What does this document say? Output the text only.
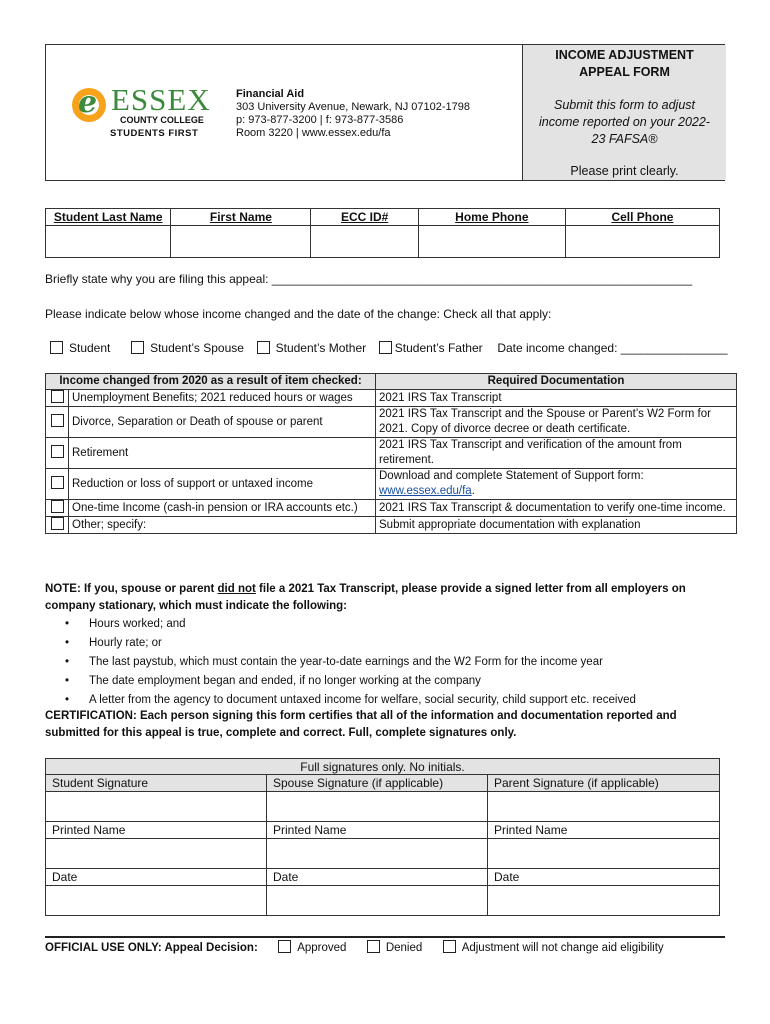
INCOME ADJUSTMENT
APPEAL FORM
Submit this form to adjust
income reported on your 2022-
23 FAFSA®
Please print clearly.
e ESSEX
COUNTY COLLEGE
STUDENTS FIRST
Financial Aid
303 University Avenue, Newark, NJ 07102-1798
p: 973-877-3200 | f: 973-877-3586
Room 3220 | www.essex.edu/fa
Student Last Name	First Name	ECC ID#	Home Phone	Cell Phone

Briefly state why you are filing this appeal: _______________________________________________________________
Please indicate below whose income changed and the date of the change: Check all that apply:
Student	Student’s Spouse	Student’s Mother Student’s Father Date income changed: ________________
Income changed from 2020 as a result of item checked:		Required Documentation
	Unemployment Benefits; 2021 reduced hours or wages	2021 IRS Tax Transcript
	Divorce, Separation or Death of spouse or parent	2021 IRS Tax Transcript and the Spouse or Parent’s W2 Form for 2021. Copy of divorce decree or death certificate.
	Retirement	2021 IRS Tax Transcript and verification of the amount from retirement.
	Reduction or loss of support or untaxed income	Download and complete Statement of Support form:
www.essex.edu/fa.
	One-time Income (cash-in pension or IRA accounts etc.)	2021 IRS Tax Transcript & documentation to verify one-time income.
	Other; specify:	Submit appropriate documentation with explanation
NOTE: If you, spouse or parent did not file a 2021 Tax Transcript, please provide a signed letter from all employers on company stationary, which must indicate the following:
• Hours worked; and
• Hourly rate; or
• The last paystub, which must contain the year-to-date earnings and the W2 Form for the income year
• The date employment began and ended, if no longer working at the company
• A letter from the agency to document untaxed income for welfare, social security, child support etc. received
CERTIFICATION: Each person signing this form certifies that all of the information and documentation reported and submitted for this appeal is true, complete and correct. Full, complete signatures only.
Full signatures only. No initials.		
Student Signature	Spouse Signature (if applicable)	Parent Signature (if applicable)

Printed Name	Printed Name	Printed Name

Date	Date	Date

OFFICIAL USE ONLY: Appeal Decision:	Approved	Denied	Adjustment will not change aid eligibility
